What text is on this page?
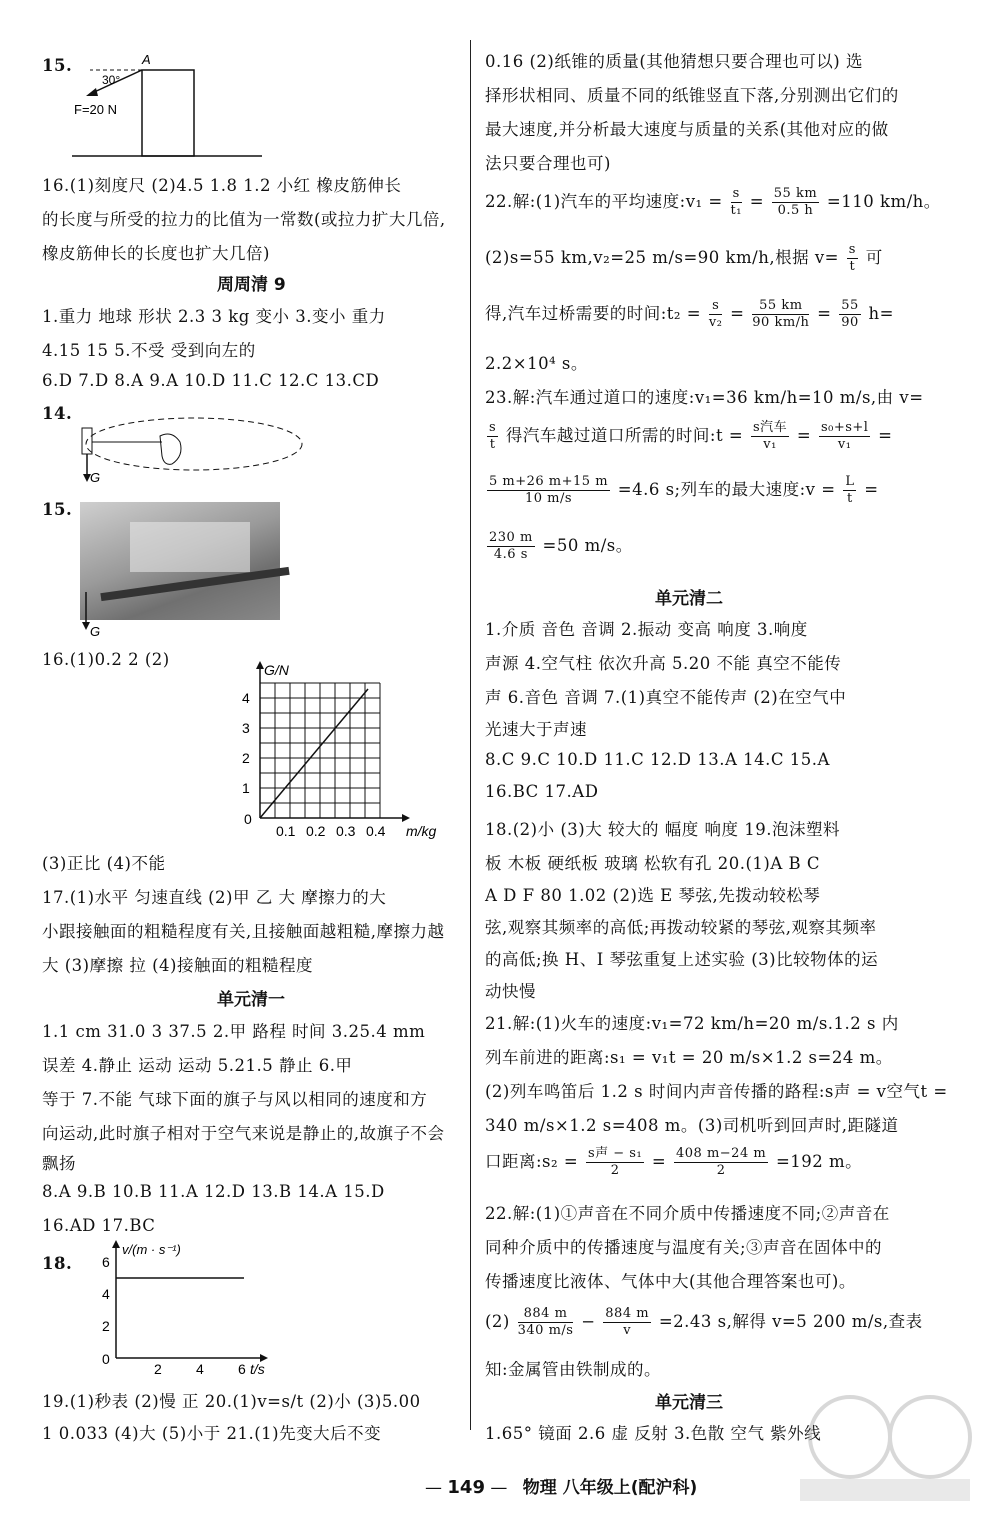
15.	A
30°
F=20 N
16.(1)刻度尺 (2)4.5 1.8 1.2 小红 橡皮筋伸长
的长度与所受的拉力的比值为一常数(或拉力扩大几倍,
橡皮筋伸长的长度也扩大几倍)
周周清 9
1.重力 地球 形状 2.3 3 kg 变小 3.变小 重力
4.15 15 5.不受 受到向左的
6.D 7.D 8.A 9.A 10.D 11.C 12.C 13.CD
14.
G
15.
G
16.(1)0.2 2 (2)
1
2
3
4
0.1 0.2 0.3 0.4
0
G/N
m/kg
(3)正比 (4)不能
17.(1)水平 匀速直线 (2)甲 乙 大 摩擦力的大
小跟接触面的粗糙程度有关,且接触面越粗糙,摩擦力越
大 (3)摩擦 拉 (4)接触面的粗糙程度
单元清一
1.1 cm 31.0 3 37.5 2.甲 路程 时间 3.25.4 mm
误差 4.静止 运动 运动 5.21.5 静止 6.甲
等于 7.不能 气球下面的旗子与风以相同的速度和方
向运动,此时旗子相对于空气来说是静止的,故旗子不会
飘扬
8.A 9.B 10.B 11.A 12.D 13.B 14.A 15.D
16.AD 17.BC
18.
2
4
6
2 4 6
0
v/(m · s⁻¹)
t/s
19.(1)秒表 (2)慢 正 20.(1)v=s/t (2)小 (3)5.00
1 0.033 (4)大 (5)小于 21.(1)先变大后不变
0.16 (2)纸锥的质量(其他猜想只要合理也可以) 选
择形状相同、质量不同的纸锥竖直下落,分别测出它们的
最大速度,并分析最大速度与质量的关系(其他对应的做
法只要合理也可)
22.解:(1)汽车的平均速度:v₁ = $\frac{s}{\text{t₁}} = \frac{55 km}{0.5 h} =110$ km/h。
(2)s=55 km,v₂=25 m/s=90 km/h,根据 $v= \frac{s}{t}$ 可
得,汽车过桥需要的时间:t₂ = $\frac{s}{\text{v₂}} = \frac{55 km}{90 km/h} = \frac{55}{90} h=$
2.2×10⁴ s。
23.解:汽车通过道口的速度:v₁=36 km/h=10 m/s,由 v=
$\frac{s}{t}$ 得汽车越过道口所需的时间:t = $\frac{\text{s汽车}}{\text{v₁}} = \frac{\text{s₀+s+l}}{\text{v₁}}$ =
$\frac{5 m+26 m+15 m}{10 m/s} =4.6$ s;列车的最大速度:v = $\frac{L}{t}$ =
$\frac{230 m}{4.6 s} =50$ m/s。
单元清二
1.介质 音色 音调 2.振动 变高 响度 3.响度
声源 4.空气柱 依次升高 5.20 不能 真空不能传
声 6.音色 音调 7.(1)真空不能传声 (2)在空气中
光速大于声速
8.C 9.C 10.D 11.C 12.D 13.A 14.C 15.A
16.BC 17.AD
18.(2)小 (3)大 较大的 幅度 响度 19.泡沫塑料
板 木板 硬纸板 玻璃 松软有孔 20.(1)A B C
A D F 80 1.02 (2)选 E 琴弦,先拨动较松琴
弦,观察其频率的高低;再拨动较紧的琴弦,观察其频率
的高低;换 H、I 琴弦重复上述实验 (3)比较物体的运
动快慢
21.解:(1)火车的速度:v₁=72 km/h=20 m/s.1.2 s 内
列车前进的距离:s₁ = v₁t = 20 m/s×1.2 s=24 m。
(2)列车鸣笛后 1.2 s 时间内声音传播的路程:s声 = v空气t =
340 m/s×1.2 s=408 m。(3)司机听到回声时,距隧道
口距离:s₂ = $\frac{\text{s声 − s₁}}{2} = \frac{408 m-24 m}{2} =192$ m。
22.解:(1)①声音在不同介质中传播速度不同;②声音在
同种介质中的传播速度与温度有关;③声音在固体中的
传播速度比液体、气体中大(其他合理答案也可)。
$(2) \frac{884 m}{340 m/s} - \frac{884 m}{v} =2.43$ s,解得 v=5 200 m/s,查表
知:金属管由铁制成的。
单元清三
1.65° 镜面 2.6 虚 反射 3.色散 空气 紫外线
— 149 — 物理 八年级上(配沪科)
